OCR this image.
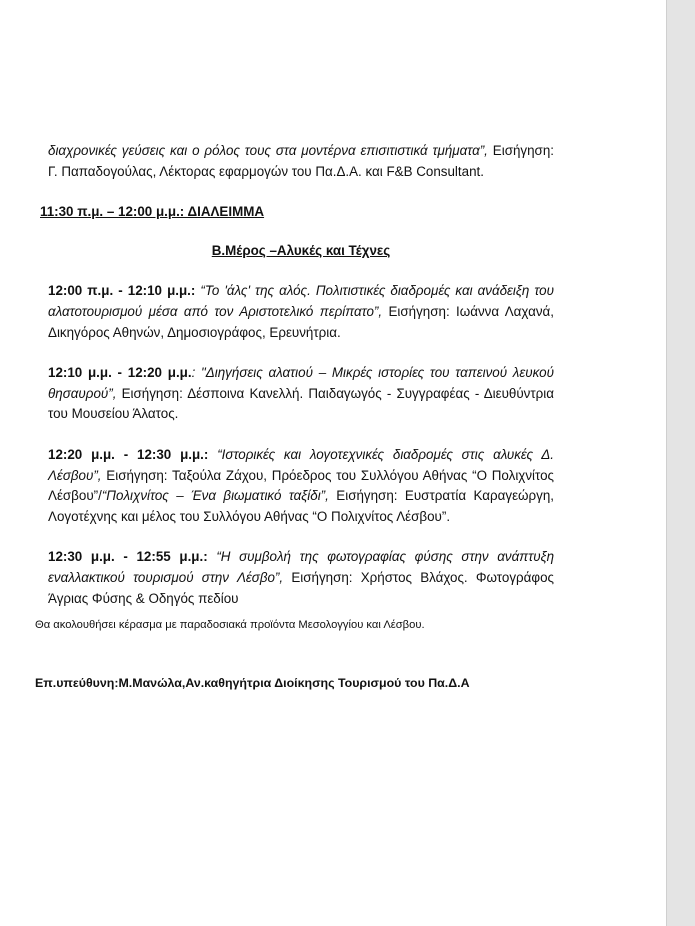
διαχρονικές γεύσεις και ο ρόλος τους στα μοντέρνα επισιτιστικά τμήματα”, Εισήγηση: Γ. Παπαδογούλας, Λέκτορας εφαρμογών του Πα.Δ.Α. και F&B Consultant.

11:30 π.μ. – 12:00 μ.μ.: ΔΙΑΛΕΙΜΜΑ

Β.Μέρος –Αλυκές και Τέχνες

12:00 π.μ. - 12:10 μ.μ.: “Το 'άλς' της αλός. Πολιτιστικές διαδρομές και ανάδειξη του αλατοτουρισμού μέσα από τον Αριστοτελικό περίπατο”, Εισήγηση: Ιωάννα Λαχανά, Δικηγόρος Αθηνών, Δημοσιογράφος, Ερευνήτρια.

12:10 μ.μ. - 12:20 μ.μ.: "Διηγήσεις αλατιού – Μικρές ιστορίες του ταπεινού λευκού θησαυρού”, Εισήγηση: Δέσποινα Κανελλή. Παιδαγωγός - Συγγραφέας - Διευθύντρια του Μουσείου Άλατος.

12:20 μ.μ. - 12:30 μ.μ.: “Ιστορικές και λογοτεχνικές διαδρομές στις αλυκές Δ. Λέσβου”, Εισήγηση: Ταξούλα Ζάχου, Πρόεδρος του Συλλόγου Αθήνας “Ο Πολιχνίτος Λέσβου”/“Πολιχνίτος – Ένα βιωματικό ταξίδι”, Εισήγηση: Ευστρατία Καραγεώργη, Λογοτέχνης και μέλος του Συλλόγου Αθήνας “Ο Πολιχνίτος Λέσβου”.

12:30 μ.μ. - 12:55 μ.μ.: “Η συμβολή της φωτογραφίας φύσης στην ανάπτυξη εναλλακτικού τουρισμού στην Λέσβο”, Εισήγηση: Χρήστος Βλάχος. Φωτογράφος Άγριας Φύσης & Οδηγός πεδίου

Θα ακολουθήσει κέρασμα με παραδοσιακά προϊόντα Μεσολογγίου και Λέσβου.

Επ.υπεύθυνη:Μ.Μανώλα,Αν.καθηγήτρια Διοίκησης Τουρισμού του Πα.Δ.Α
